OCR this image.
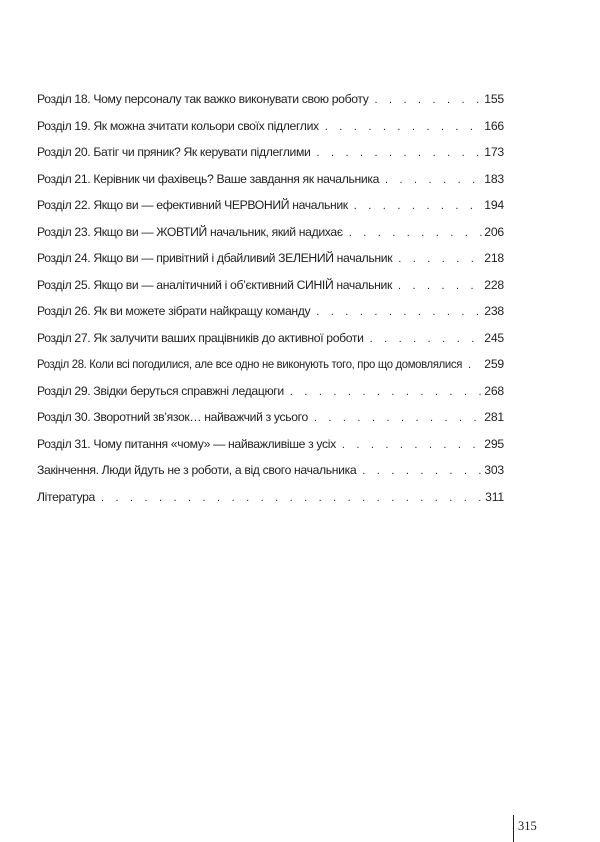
Розділ 18. Чому персоналу так важко виконувати свою роботу . . .	155
Розділ 19. Як можна зчитати кольори своїх підлеглих . . .	166
Розділ 20. Батіг чи пряник? Як керувати підлеглими . . .	173
Розділ 21. Керівник чи фахівець? Ваше завдання як начальника . . .	183
Розділ 22. Якщо ви — ефективний ЧЕРВОНИЙ начальник . . .	194
Розділ 23. Якщо ви — ЖОВТИЙ начальник, який надихає . . .	206
Розділ 24. Якщо ви — привітний і дбайливий ЗЕЛЕНИЙ начальник . . .	218
Розділ 25. Якщо ви — аналітичний і об’єктивний СИНІЙ начальник . . .	228
Розділ 26. Як ви можете зібрати найкращу команду . . .	238
Розділ 27. Як залучити ваших працівників до активної роботи . . .	245
Розділ 28. Коли всі погодилися, але все одно не виконують того, про що домовлялися . . . 259
Розділ 29. Звідки беруться справжні ледацюги . . .	268
Розділ 30. Зворотний зв’язок… найважчий з усього . . .	281
Розділ 31. Чому питання «чому» — найважливіше з усіх . . .	295
Закінчення. Люди йдуть не з роботи, а від свого начальника . . .	303
Література . . .	311
315
